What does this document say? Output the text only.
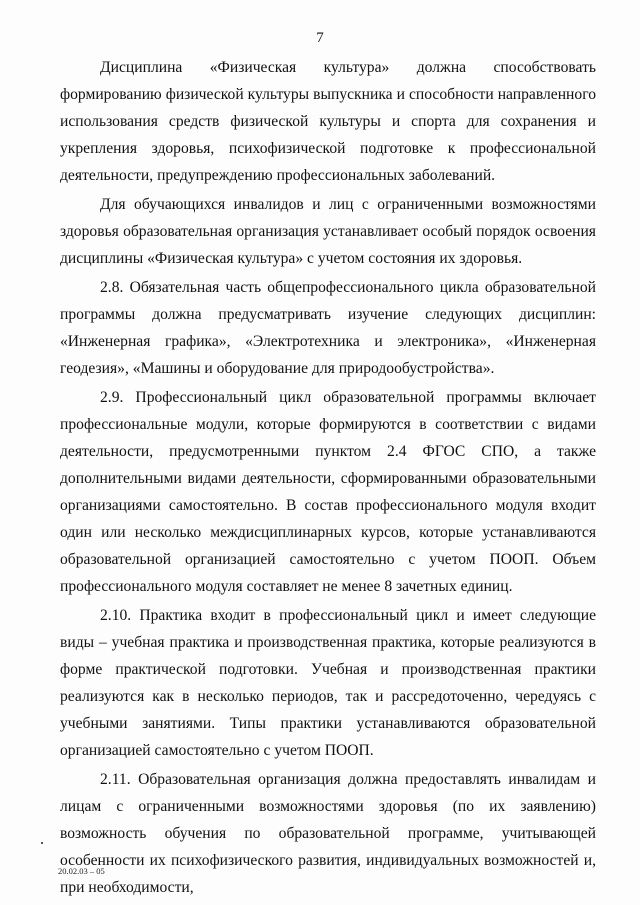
7

Дисциплина «Физическая культура» должна способствовать формированию физической культуры выпускника и способности направленного использования средств физической культуры и спорта для сохранения и укрепления здоровья, психофизической подготовке к профессиональной деятельности, предупреждению профессиональных заболеваний.

Для обучающихся инвалидов и лиц с ограниченными возможностями здоровья образовательная организация устанавливает особый порядок освоения дисциплины «Физическая культура» с учетом состояния их здоровья.

2.8. Обязательная часть общепрофессионального цикла образовательной программы должна предусматривать изучение следующих дисциплин: «Инженерная графика», «Электротехника и электроника», «Инженерная геодезия», «Машины и оборудование для природообустройства».

2.9. Профессиональный цикл образовательной программы включает профессиональные модули, которые формируются в соответствии с видами деятельности, предусмотренными пунктом 2.4 ФГОС СПО, а также дополнительными видами деятельности, сформированными образовательными организациями самостоятельно. В состав профессионального модуля входит один или несколько междисциплинарных курсов, которые устанавливаются образовательной организацией самостоятельно с учетом ПООП. Объем профессионального модуля составляет не менее 8 зачетных единиц.

2.10. Практика входит в профессиональный цикл и имеет следующие виды – учебная практика и производственная практика, которые реализуются в форме практической подготовки. Учебная и производственная практики реализуются как в несколько периодов, так и рассредоточенно, чередуясь с учебными занятиями. Типы практики устанавливаются образовательной организацией самостоятельно с учетом ПООП.

2.11. Образовательная организация должна предоставлять инвалидам и лицам с ограниченными возможностями здоровья (по их заявлению) возможность обучения по образовательной программе, учитывающей особенности их психофизического развития, индивидуальных возможностей и, при необходимости,

20.02.03 – 05
